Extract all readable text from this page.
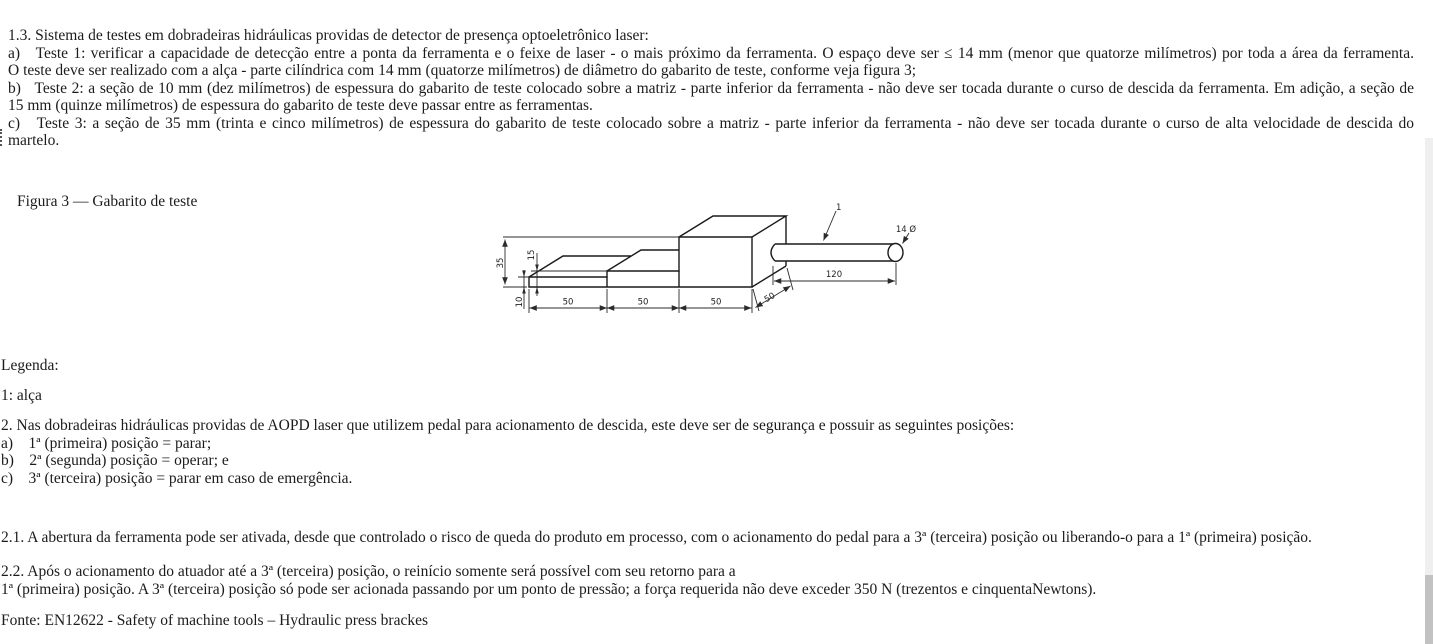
1.3. Sistema de testes em dobradeiras hidráulicas providas de detector de presença optoeletrônico laser:
a)   Teste 1: verificar a capacidade de detecção entre a ponta da ferramenta e o feixe de laser - o mais próximo da ferramenta. O espaço deve ser ≤ 14 mm (menor que quatorze milímetros) por toda a área da ferramenta.
O teste deve ser realizado com a alça - parte cilíndrica com 14 mm (quatorze milímetros) de diâmetro do gabarito de teste, conforme veja figura 3;
b)   Teste 2: a seção de 10 mm (dez milímetros) de espessura do gabarito de teste colocado sobre a matriz - parte inferior da ferramenta - não deve ser tocada durante o curso de descida da ferramenta. Em adição, a seção de
15 mm (quinze milímetros) de espessura do gabarito de teste deve passar entre as ferramentas.
c)   Teste 3: a seção de 35 mm (trinta e cinco milímetros) de espessura do gabarito de teste colocado sobre a matriz - parte inferior da ferramenta - não deve ser tocada durante o curso de alta velocidade de descida do
martelo.
Figura 3 — Gabarito de teste
35
15
10	50	50	50	50
120
1
14 Ø
Legenda:
1: alça
2. Nas dobradeiras hidráulicas providas de AOPD laser que utilizem pedal para acionamento de descida, este deve ser de segurança e possuir as seguintes posições:
a)    1ª (primeira) posição = parar;
b)    2ª (segunda) posição = operar; e
c)    3ª (terceira) posição = parar em caso de emergência.
2.1. A abertura da ferramenta pode ser ativada, desde que controlado o risco de queda do produto em processo, com o acionamento do pedal para a 3ª (terceira) posição ou liberando-o para a 1ª (primeira) posição.
2.2. Após o acionamento do atuador até a 3ª (terceira) posição, o reinício somente será possível com seu retorno para a
1ª (primeira) posição. A 3ª (terceira) posição só pode ser acionada passando por um ponto de pressão; a força requerida não deve exceder 350 N (trezentos e cinquentaNewtons).
Fonte: EN12622 - Safety of machine tools – Hydraulic press brackes
